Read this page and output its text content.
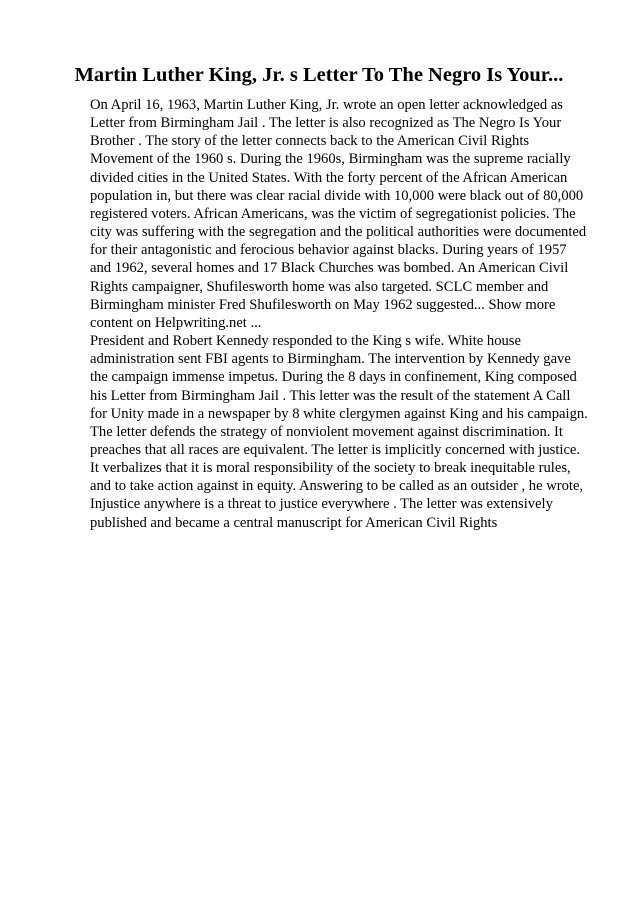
Martin Luther King, Jr. s Letter To The Negro Is Your...

On April 16, 1963, Martin Luther King, Jr. wrote an open letter acknowledged as
Letter from Birmingham Jail . The letter is also recognized as The Negro Is Your
Brother . The story of the letter connects back to the American Civil Rights
Movement of the 1960 s. During the 1960s, Birmingham was the supreme racially
divided cities in the United States. With the forty percent of the African American
population in, but there was clear racial divide with 10,000 were black out of 80,000
registered voters. African Americans, was the victim of segregationist policies. The
city was suffering with the segregation and the political authorities were documented
for their antagonistic and ferocious behavior against blacks. During years of 1957
and 1962, several homes and 17 Black Churches was bombed. An American Civil
Rights campaigner, Shufilesworth home was also targeted. SCLC member and
Birmingham minister Fred Shufilesworth on May 1962 suggested... Show more
content on Helpwriting.net ...

President and Robert Kennedy responded to the King s wife. White house
administration sent FBI agents to Birmingham. The intervention by Kennedy gave
the campaign immense impetus. During the 8 days in confinement, King composed
his Letter from Birmingham Jail . This letter was the result of the statement A Call
for Unity made in a newspaper by 8 white clergymen against King and his campaign.
The letter defends the strategy of nonviolent movement against discrimination. It
preaches that all races are equivalent. The letter is implicitly concerned with justice.
It verbalizes that it is moral responsibility of the society to break inequitable rules,
and to take action against in equity. Answering to be called as an outsider , he wrote,
Injustice anywhere is a threat to justice everywhere . The letter was extensively
published and became a central manuscript for American Civil Rights
